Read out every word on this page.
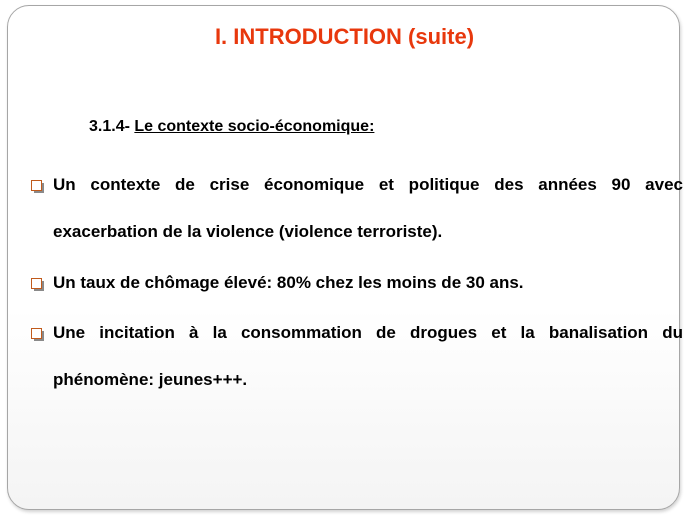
I. INTRODUCTION (suite)
3.1.4- Le contexte socio-économique:
Un contexte de crise économique et politique des années 90 avec
exacerbation de la violence (violence terroriste).
Un taux de chômage élevé: 80% chez les moins de 30 ans.
Une incitation à la consommation de drogues et la banalisation du
phénomène: jeunes+++.
